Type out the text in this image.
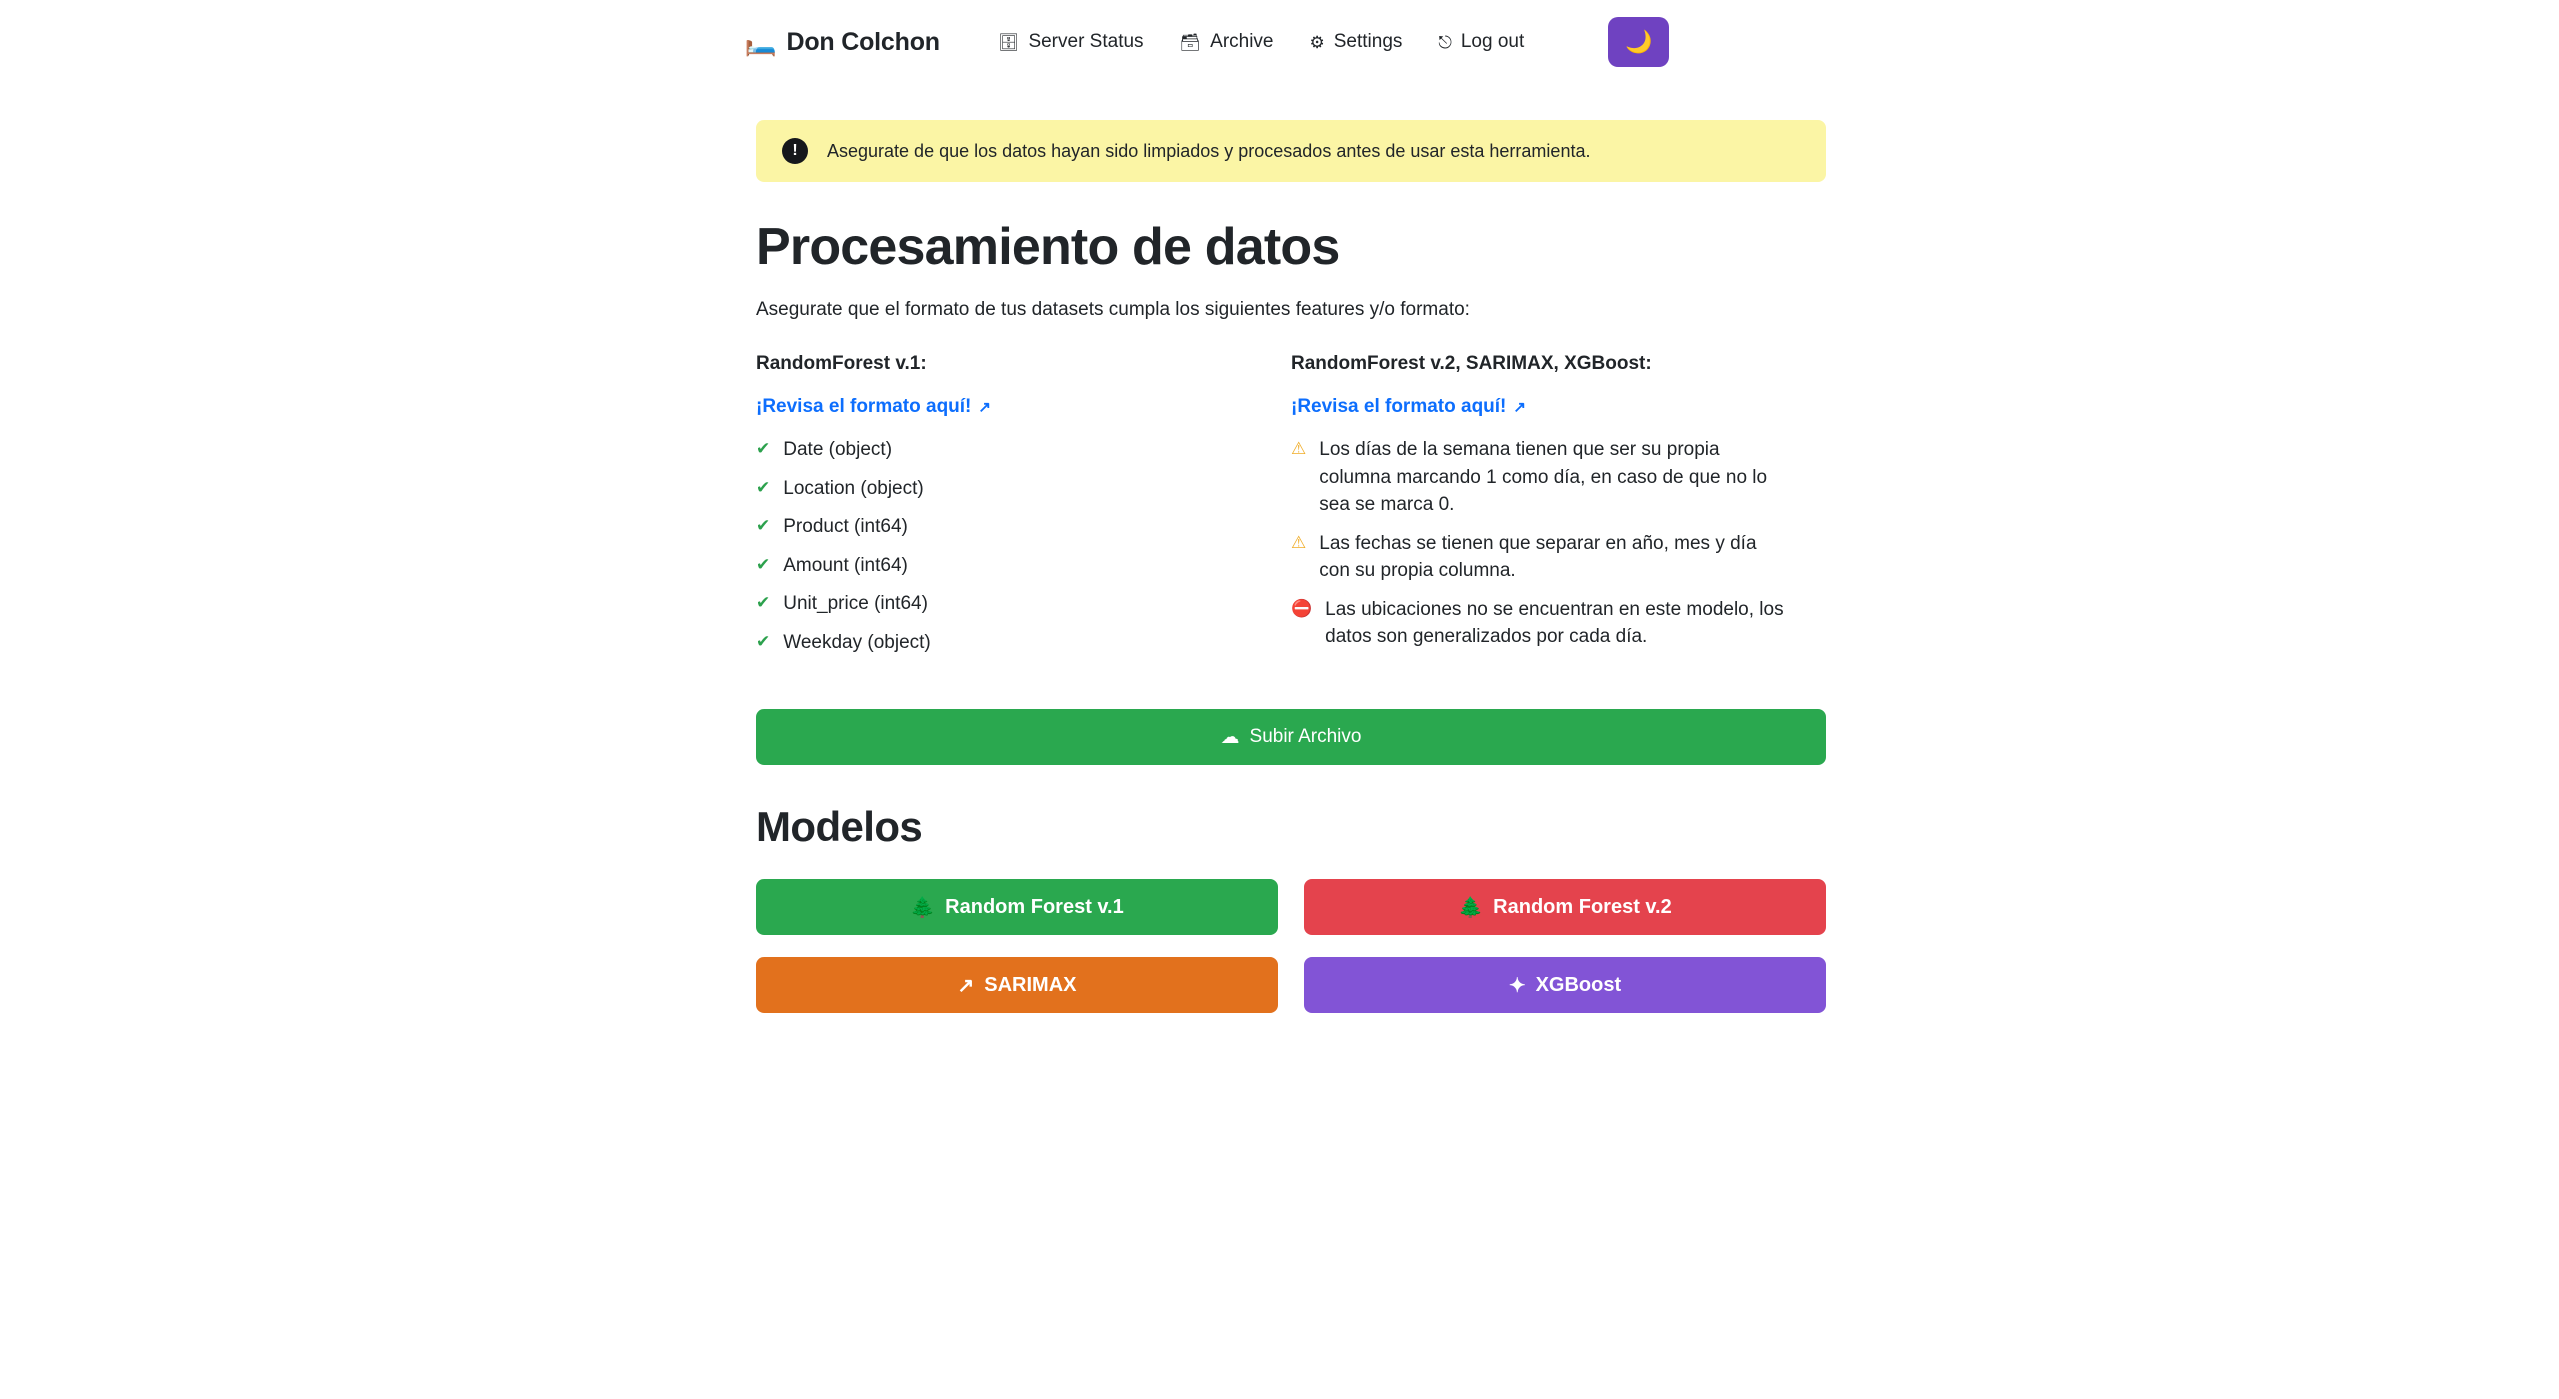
🛏️ Don Colchon	🗄 Server Status 🗃 Archive ⚙ Settings ⎋ Log out	🌙
!	Asegurate de que los datos hayan sido limpiados y procesados antes de usar esta herramienta.
Procesamiento de datos

Asegurate que el formato de tus datasets cumpla los siguientes features y/o formato:

RandomForest v.1:
¡Revisa el formato aquí! ↗
✔ Date (object)
✔ Location (object)
✔ Product (int64)
✔ Amount (int64)
✔ Unit_price (int64)
✔ Weekday (object)
RandomForest v.2, SARIMAX, XGBoost:
¡Revisa el formato aquí! ↗
⚠ Los días de la semana tienen que ser su propia columna marcando 1 como día, en caso de que no lo sea se marca 0.
⚠ Las fechas se tienen que separar en año, mes y día con su propia columna.
⛔ Las ubicaciones no se encuentran en este modelo, los datos son generalizados por cada día.
☁ Subir Archivo
Modelos
🌲 Random Forest v.1	🌲 Random Forest v.2
↗ SARIMAX	✦ XGBoost
